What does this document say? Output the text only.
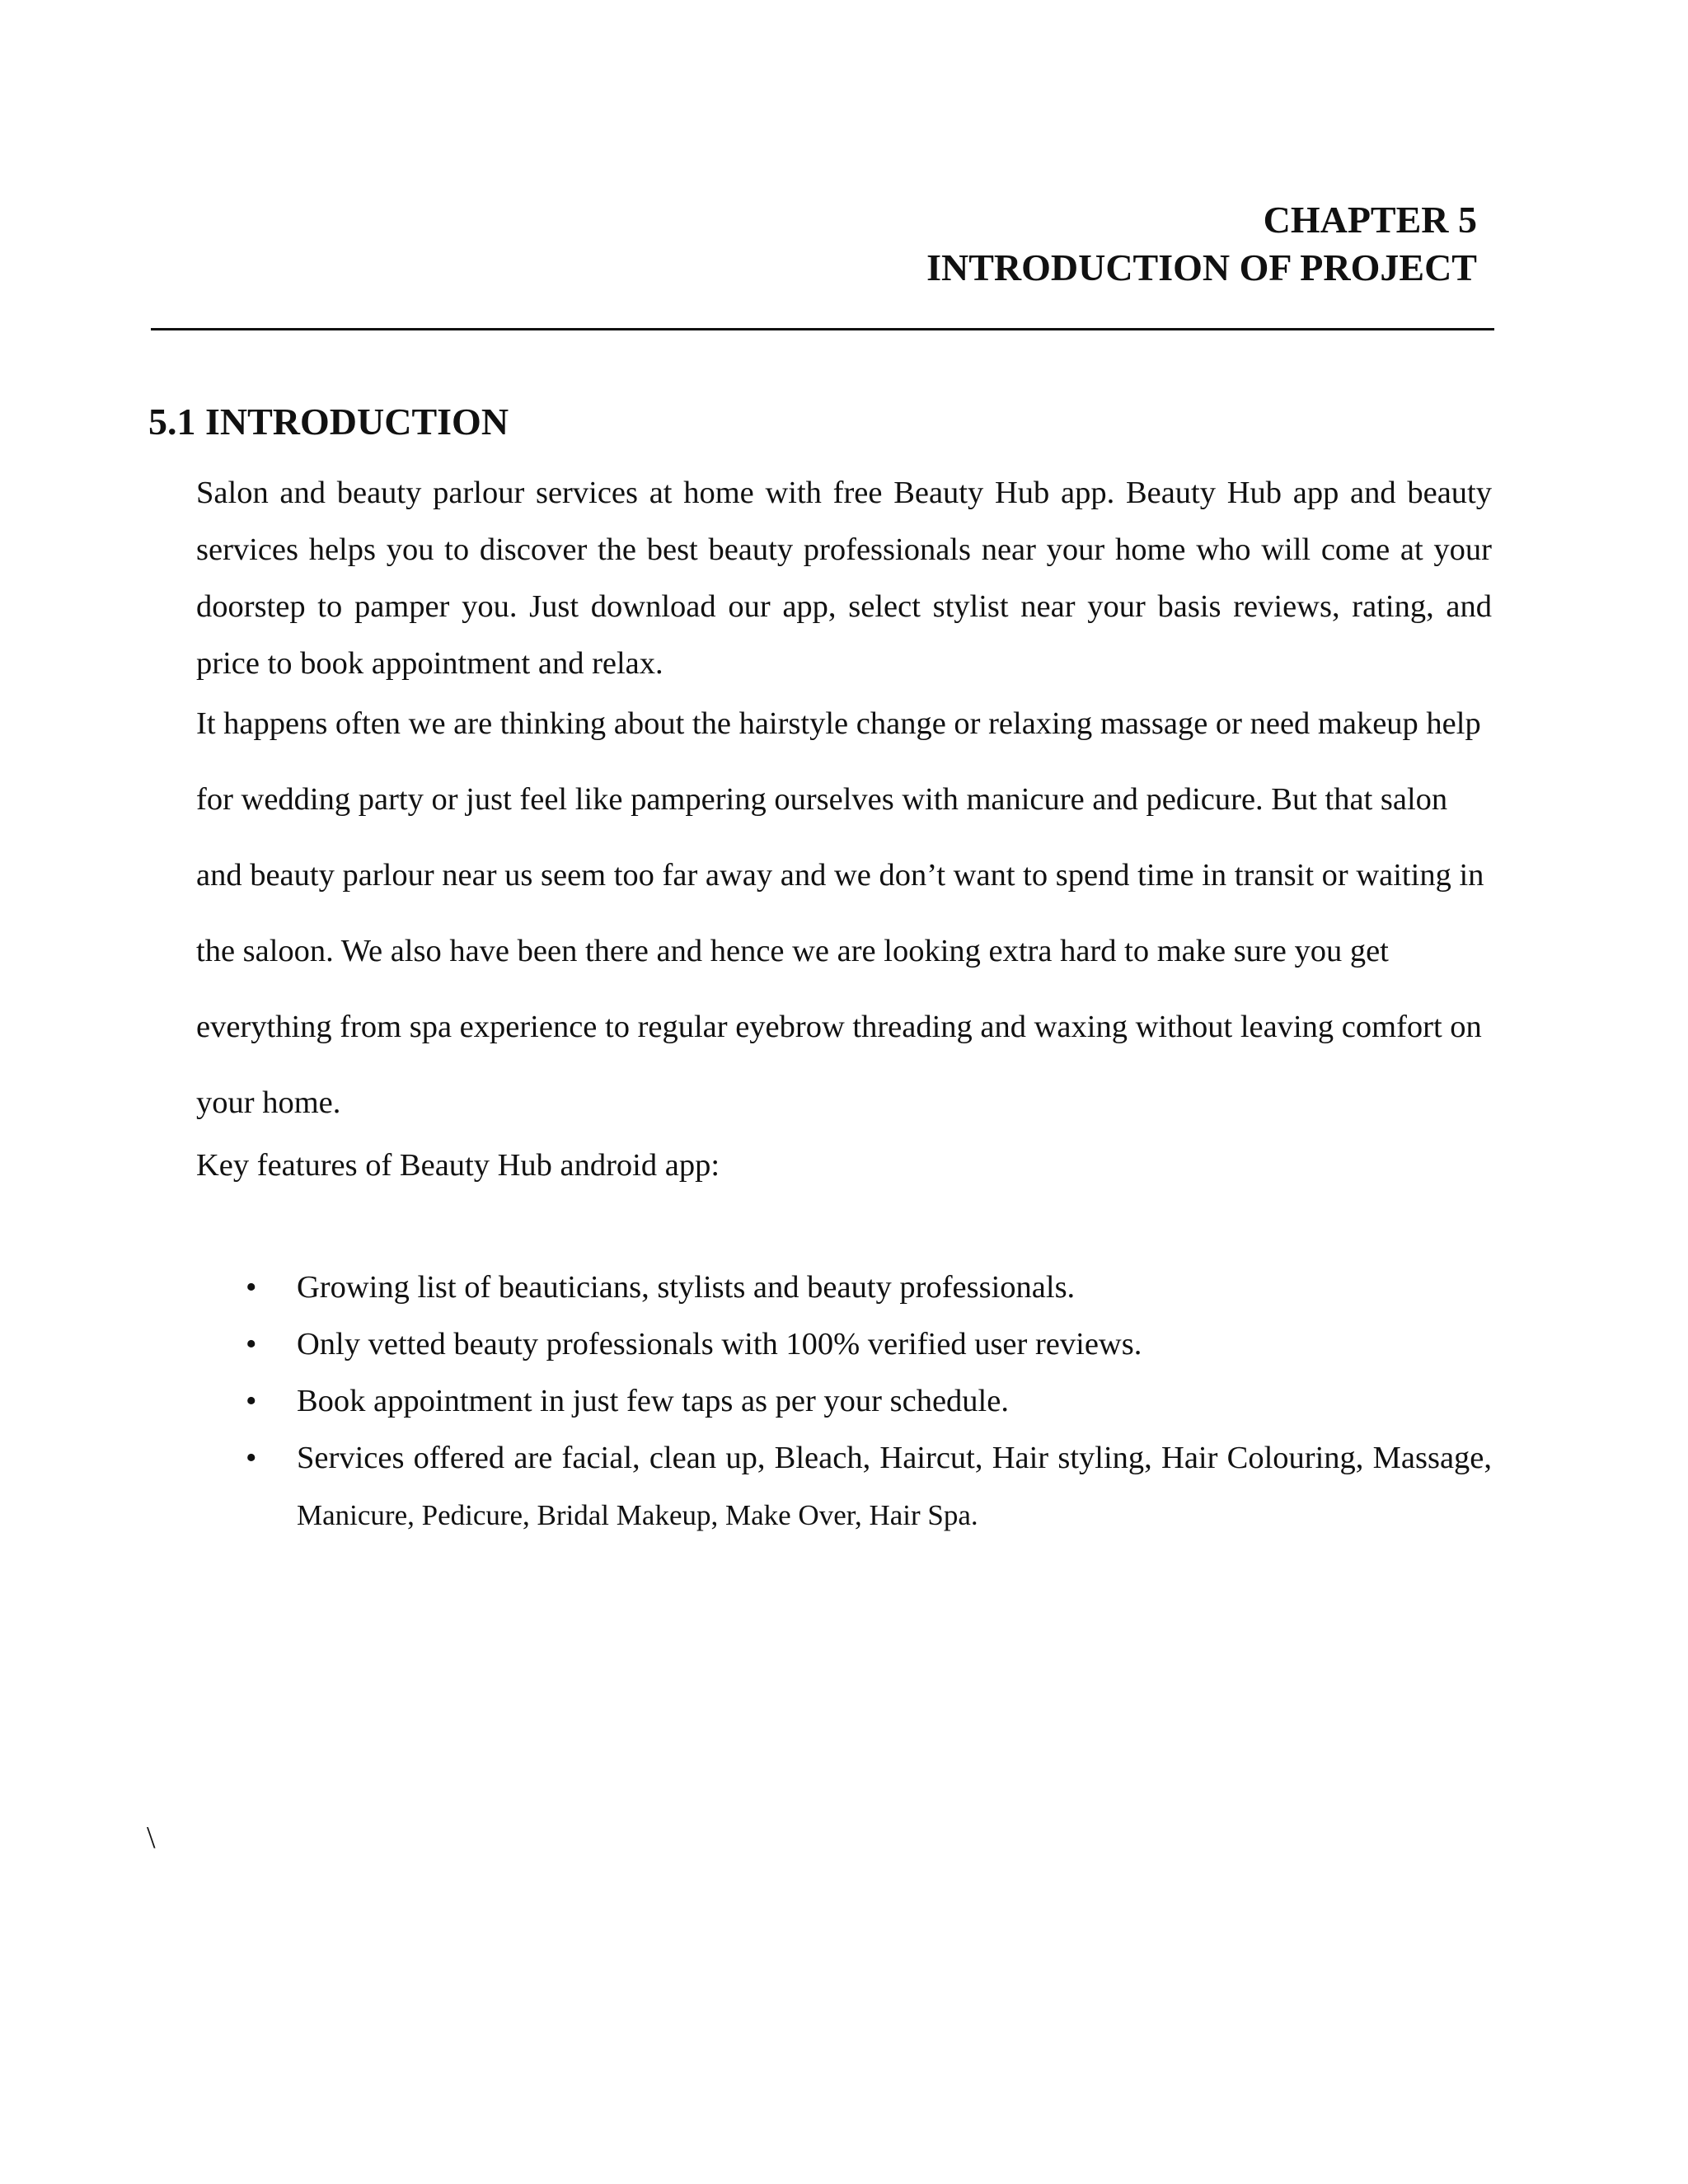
CHAPTER 5
INTRODUCTION OF PROJECT
5.1 INTRODUCTION

Salon and beauty parlour services at home with free Beauty Hub app. Beauty Hub app and beauty services helps you to discover the best beauty professionals near your home who will come at your doorstep to pamper you. Just download our app, select stylist near your basis reviews, rating, and price to book appointment and relax.

It happens often we are thinking about the hairstyle change or relaxing massage or need makeup help for wedding party or just feel like pampering ourselves with manicure and pedicure. But that salon and beauty parlour near us seem too far away and we don’t want to spend time in transit or waiting in the saloon. We also have been there and hence we are looking extra hard to make sure you get everything from spa experience to regular eyebrow threading and waxing without leaving comfort on your home.

Key features of Beauty Hub android app:
• Growing list of beauticians, stylists and beauty professionals.
• Only vetted beauty professionals with 100% verified user reviews.
• Book appointment in just few taps as per your schedule.
• Services offered are facial, clean up, Bleach, Haircut, Hair styling, Hair Colouring, Massage, Manicure, Pedicure, Bridal Makeup, Make Over, Hair Spa.
\
